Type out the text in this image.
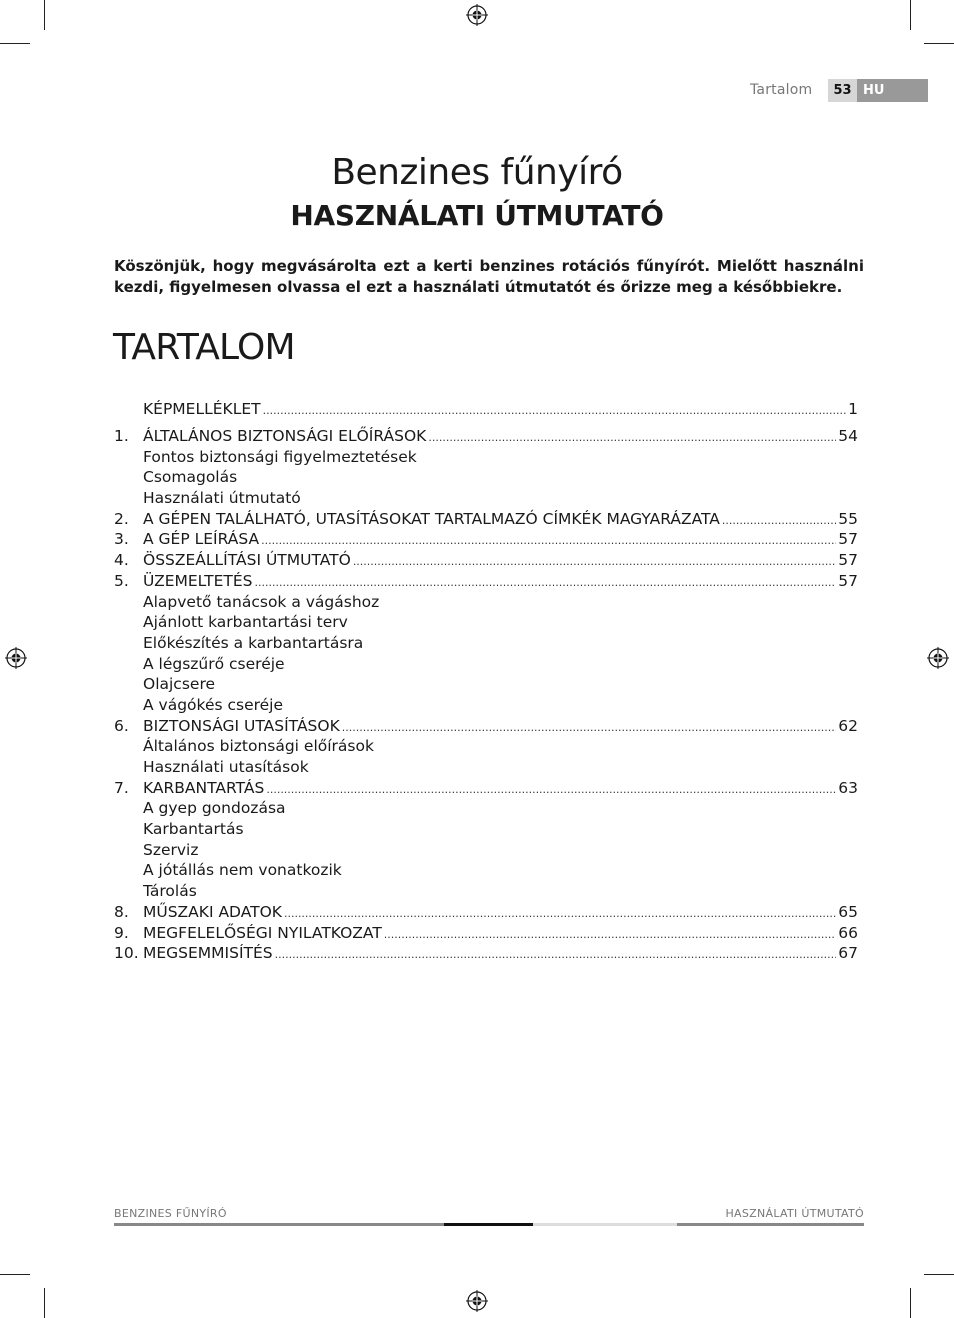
Tartalom	53 HU
Benzines fűnyíró
HASZNÁLATI ÚTMUTATÓ
Köszönjük, hogy megvásárolta ezt a kerti benzines rotációs fűnyírót. Mielőtt használni kezdi, figyelmesen olvassa el ezt a használati útmutatót és őrizze meg a későbbiekre.
TARTALOM
KÉPMELLÉKLET .....	1
1. ÁLTALÁNOS BIZTONSÁGI ELŐÍRÁSOK .....	54
Fontos biztonsági figyelmeztetések
Csomagolás
Használati útmutató
2. A GÉPEN TALÁLHATÓ, UTASÍTÁSOKAT TARTALMAZÓ CÍMKÉK MAGYARÁZATA .....	55
3. A GÉP LEÍRÁSA .....	57
4. ÖSSZEÁLLÍTÁSI ÚTMUTATÓ .....	57
5. ÜZEMELTETÉS .....	57
Alapvető tanácsok a vágáshoz
Ajánlott karbantartási terv
Előkészítés a karbantartásra
A légszűrő cseréje
Olajcsere
A vágókés cseréje
6. BIZTONSÁGI UTASÍTÁSOK .....	62
Általános biztonsági előírások
Használati utasítások
7. KARBANTARTÁS .....	63
A gyep gondozása
Karbantartás
Szerviz
A jótállás nem vonatkozik
Tárolás
8. MŰSZAKI ADATOK .....	65
9. MEGFELELŐSÉGI NYILATKOZAT .....	66
10. MEGSEMMISÍTÉS .....	67
BENZINES FŰNYÍRÓ	HASZNÁLATI ÚTMUTATÓ
